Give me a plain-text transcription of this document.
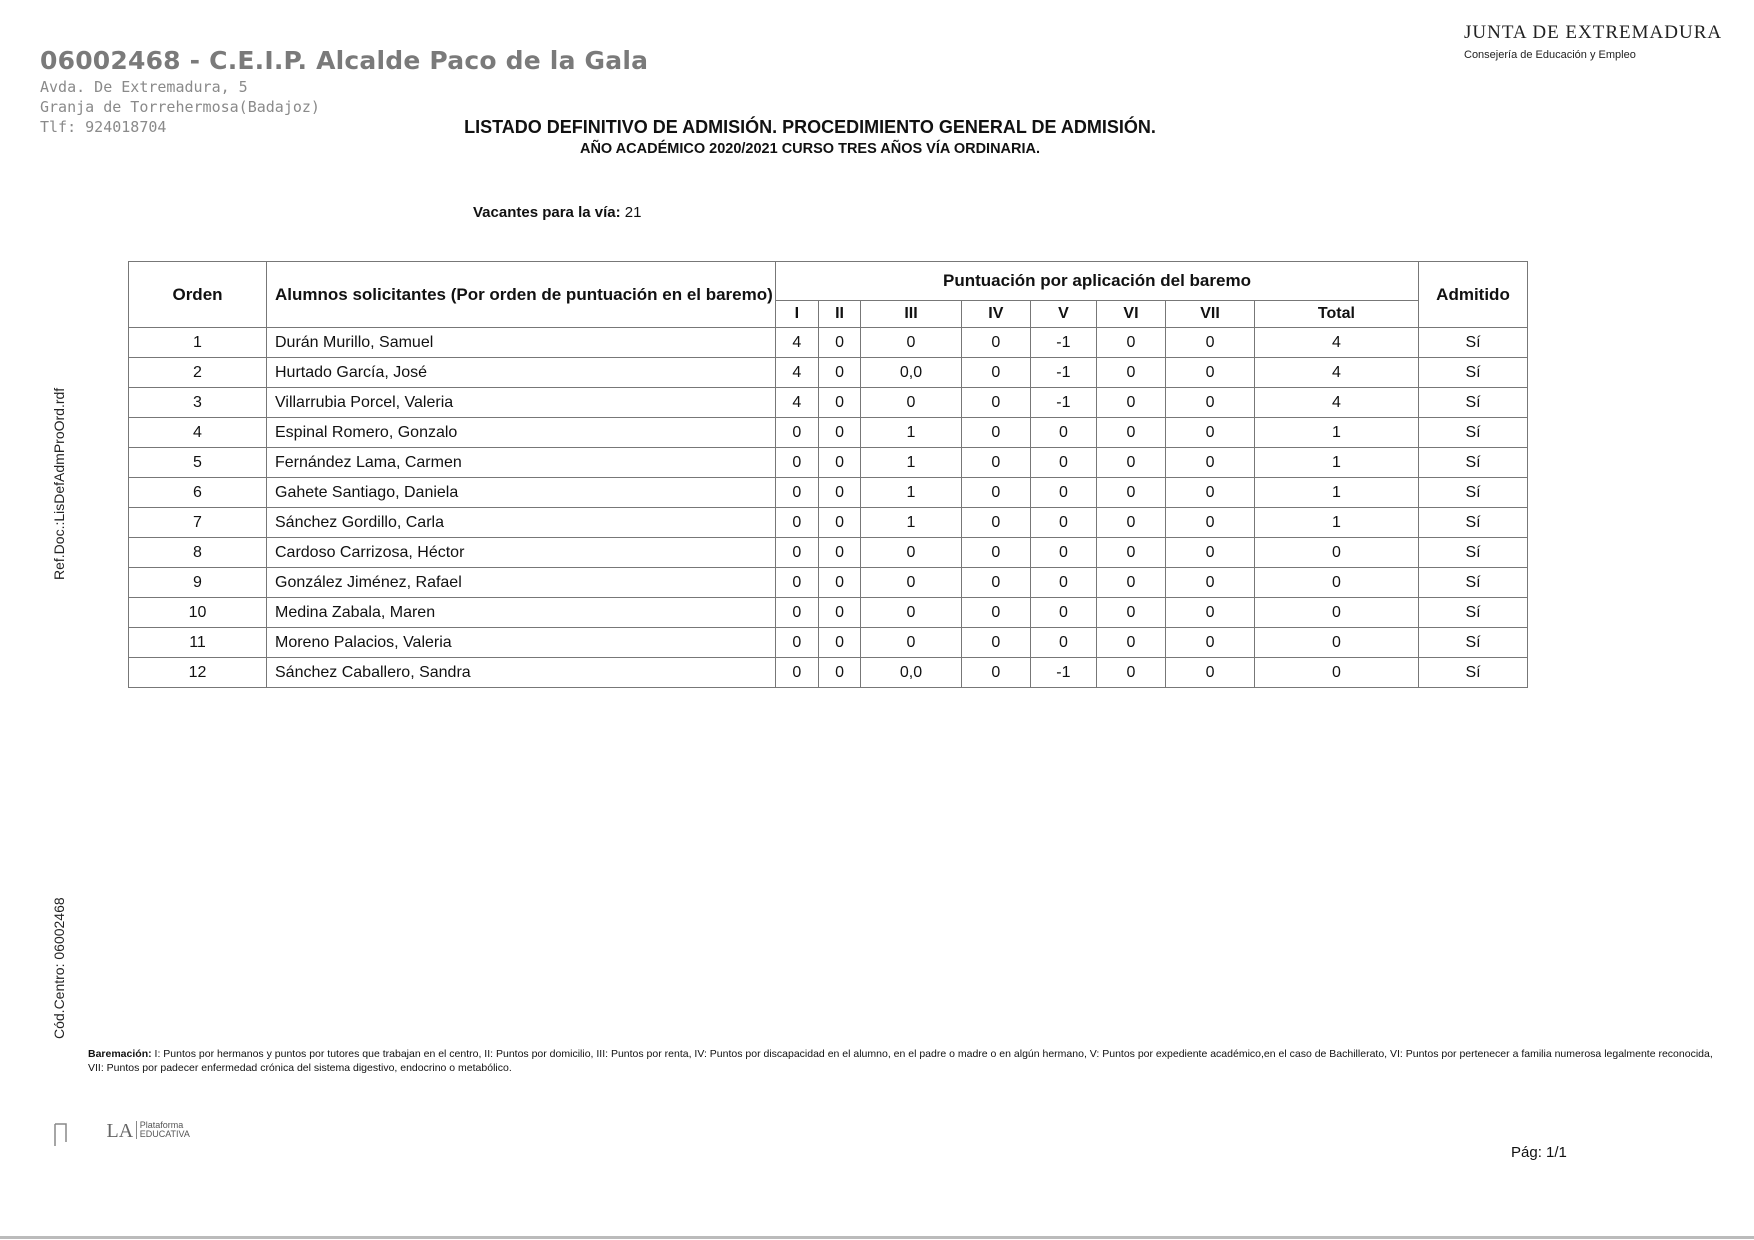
06002468 - C.E.I.P. Alcalde Paco de la Gala
Avda. De Extremadura, 5
Granja de Torrehermosa(Badajoz)
Tlf: 924018704
JUNTA DE EXTREMADURA
Consejería de Educación y Empleo
LISTADO DEFINITIVO DE ADMISIÓN. PROCEDIMIENTO GENERAL DE ADMISIÓN.
AÑO ACADÉMICO 2020/2021 CURSO TRES AÑOS VÍA ORDINARIA.
Vacantes para la vía: 21
Orden	Alumnos solicitantes (Por orden de puntuación en el baremo)	Puntuación por aplicación del baremo								Admitido
		I	II	III	IV	V	VI	VII	Total	
1	Durán Murillo, Samuel	4	0	0	0	-1	0	0	4	Sí
2	Hurtado García, José	4	0	0,0	0	-1	0	0	4	Sí
3	Villarrubia Porcel, Valeria	4	0	0	0	-1	0	0	4	Sí
4	Espinal Romero, Gonzalo	0	0	1	0	0	0	0	1	Sí
5	Fernández Lama, Carmen	0	0	1	0	0	0	0	1	Sí
6	Gahete Santiago, Daniela	0	0	1	0	0	0	0	1	Sí
7	Sánchez Gordillo, Carla	0	0	1	0	0	0	0	1	Sí
8	Cardoso Carrizosa, Héctor	0	0	0	0	0	0	0	0	Sí
9	González Jiménez, Rafael	0	0	0	0	0	0	0	0	Sí
10	Medina Zabala, Maren	0	0	0	0	0	0	0	0	Sí
11	Moreno Palacios, Valeria	0	0	0	0	0	0	0	0	Sí
12	Sánchez Caballero, Sandra	0	0	0,0	0	-1	0	0	0	Sí
Ref.Doc.:LisDefAdmProOrd.rdf
Cód.Centro: 06002468
Baremación: I: Puntos por hermanos y puntos por tutores que trabajan en el centro, II: Puntos por domicilio, III: Puntos por renta, IV: Puntos por discapacidad en el alumno, en el padre o madre o en algún hermano, V: Puntos por expediente académico,en el caso de Bachillerato, VI: Puntos por pertenecer a familia numerosa legalmente reconocida, VII: Puntos por padecer enfermedad crónica del sistema digestivo, endocrino o metabólico.
LA Plataforma EDUCATIVA
Pág: 1/1
